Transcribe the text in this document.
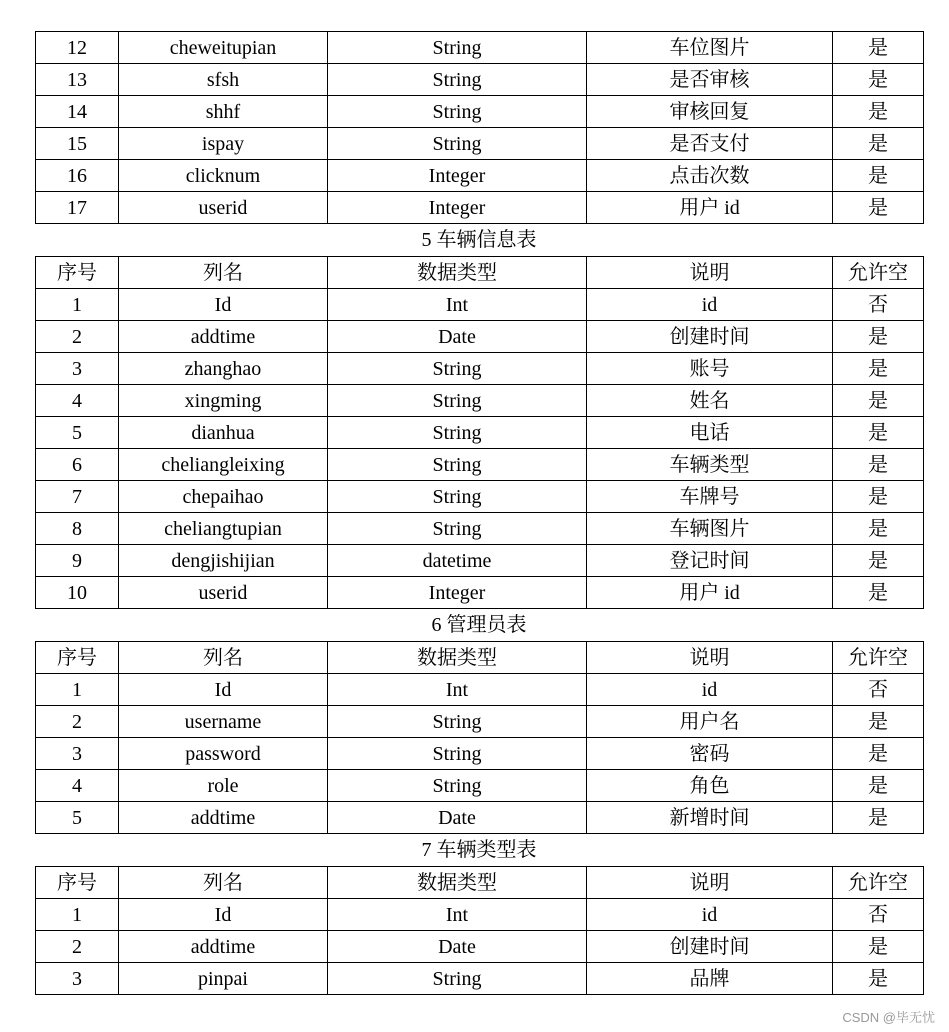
12	cheweitupian	String	车位图片	是
13	sfsh	String	是否审核	是
14	shhf	String	审核回复	是
15	ispay	String	是否支付	是
16	clicknum	Integer	点击次数	是
17	userid	Integer	用户 id	是
5 车辆信息表
序号	列名	数据类型	说明	允许空
1	Id	Int	id	否
2	addtime	Date	创建时间	是
3	zhanghao	String	账号	是
4	xingming	String	姓名	是
5	dianhua	String	电话	是
6	cheliangleixing	String	车辆类型	是
7	chepaihao	String	车牌号	是
8	cheliangtupian	String	车辆图片	是
9	dengjishijian	datetime	登记时间	是
10	userid	Integer	用户 id	是
6 管理员表
序号	列名	数据类型	说明	允许空
1	Id	Int	id	否
2	username	String	用户名	是
3	password	String	密码	是
4	role	String	角色	是
5	addtime	Date	新增时间	是
7 车辆类型表
序号	列名	数据类型	说明	允许空
1	Id	Int	id	否
2	addtime	Date	创建时间	是
3	pinpai	String	品牌	是
CSDN @毕无忧
